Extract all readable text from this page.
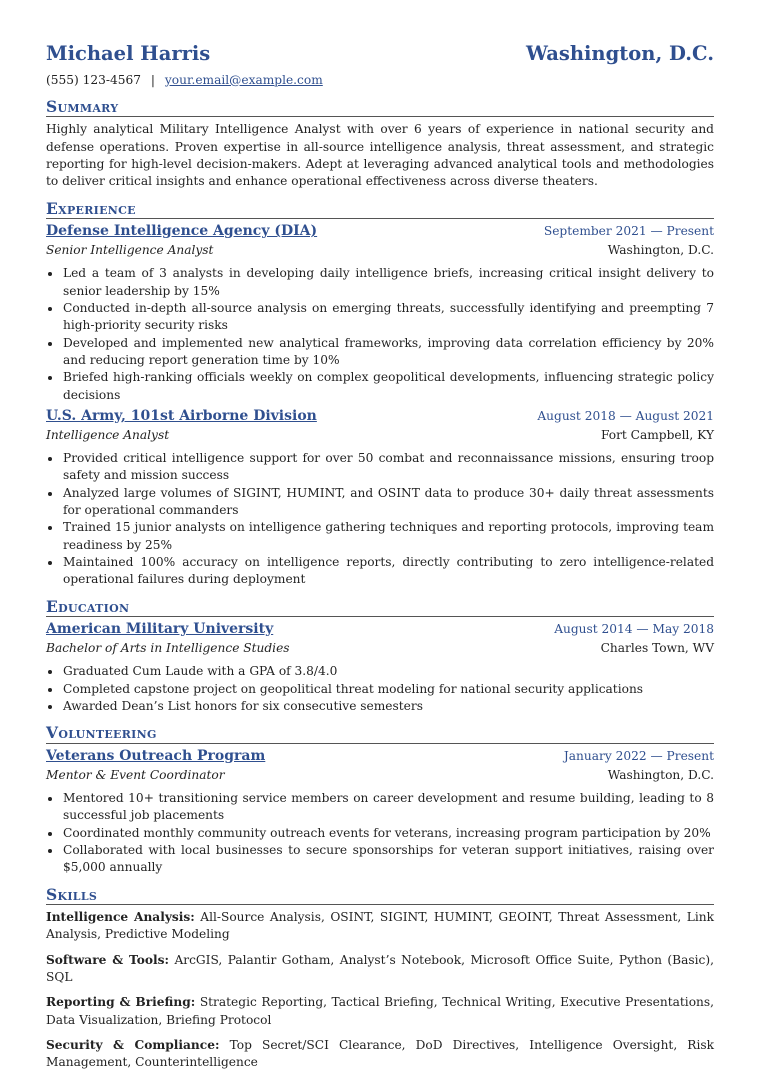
Michael Harris	Washington, D.C.
(555) 123-4567 | your.email@example.com
Summary
Highly analytical Military Intelligence Analyst with over 6 years of experience in national security and defense operations. Proven expertise in all-source intelligence analysis, threat assessment, and strategic reporting for high-level decision-makers. Adept at leveraging advanced analytical tools and methodologies to deliver critical insights and enhance operational effectiveness across diverse theaters.
Experience
Defense Intelligence Agency (DIA)	September 2021 — Present
Senior Intelligence Analyst	Washington, D.C.
• Led a team of 3 analysts in developing daily intelligence briefs, increasing critical insight delivery to senior leadership by 15%
• Conducted in-depth all-source analysis on emerging threats, successfully identifying and preempting 7 high-priority security risks
• Developed and implemented new analytical frameworks, improving data correlation efficiency by 20% and reducing report generation time by 10%
• Briefed high-ranking officials weekly on complex geopolitical developments, influencing strategic policy decisions
U.S. Army, 101st Airborne Division	August 2018 — August 2021
Intelligence Analyst	Fort Campbell, KY
• Provided critical intelligence support for over 50 combat and reconnaissance missions, ensuring troop safety and mission success
• Analyzed large volumes of SIGINT, HUMINT, and OSINT data to produce 30+ daily threat assessments for operational commanders
• Trained 15 junior analysts on intelligence gathering techniques and reporting protocols, improving team readiness by 25%
• Maintained 100% accuracy on intelligence reports, directly contributing to zero intelligence-related operational failures during deployment
Education
American Military University	August 2014 — May 2018
Bachelor of Arts in Intelligence Studies	Charles Town, WV
• Graduated Cum Laude with a GPA of 3.8/4.0
• Completed capstone project on geopolitical threat modeling for national security applications
• Awarded Dean’s List honors for six consecutive semesters
Volunteering
Veterans Outreach Program	January 2022 — Present
Mentor & Event Coordinator	Washington, D.C.
• Mentored 10+ transitioning service members on career development and resume building, leading to 8 successful job placements
• Coordinated monthly community outreach events for veterans, increasing program participation by 20%
• Collaborated with local businesses to secure sponsorships for veteran support initiatives, raising over $5,000 annually
Skills
Intelligence Analysis: All-Source Analysis, OSINT, SIGINT, HUMINT, GEOINT, Threat Assessment, Link Analysis, Predictive Modeling
Software & Tools: ArcGIS, Palantir Gotham, Analyst’s Notebook, Microsoft Office Suite, Python (Basic), SQL
Reporting & Briefing: Strategic Reporting, Tactical Briefing, Technical Writing, Executive Presentations, Data Visualization, Briefing Protocol
Security & Compliance: Top Secret/SCI Clearance, DoD Directives, Intelligence Oversight, Risk Management, Counterintelligence
